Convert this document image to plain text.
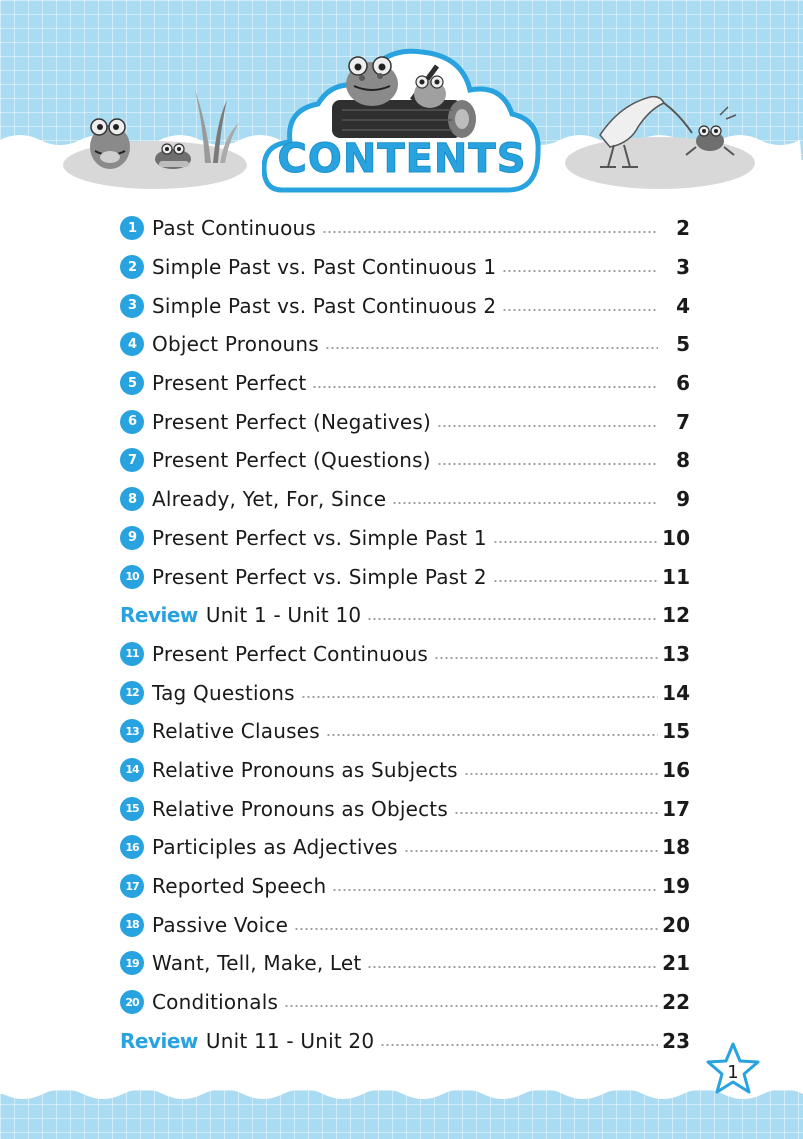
CONTENTS
1 Past Continuous	2
2 Simple Past vs. Past Continuous 1	3
3 Simple Past vs. Past Continuous 2	4
4 Object Pronouns	5
5 Present Perfect	6
6 Present Perfect (Negatives)	7
7 Present Perfect (Questions)	8
8 Already, Yet, For, Since	9
9 Present Perfect vs. Simple Past 1	10
10 Present Perfect vs. Simple Past 2	11
Review Unit 1 - Unit 10	12
11 Present Perfect Continuous	13
12 Tag Questions	14
13 Relative Clauses	15
14 Relative Pronouns as Subjects	16
15 Relative Pronouns as Objects	17
16 Participles as Adjectives	18
17 Reported Speech	19
18 Passive Voice	20
19 Want, Tell, Make, Let	21
20 Conditionals	22
Review Unit 11 - Unit 20	23
1
